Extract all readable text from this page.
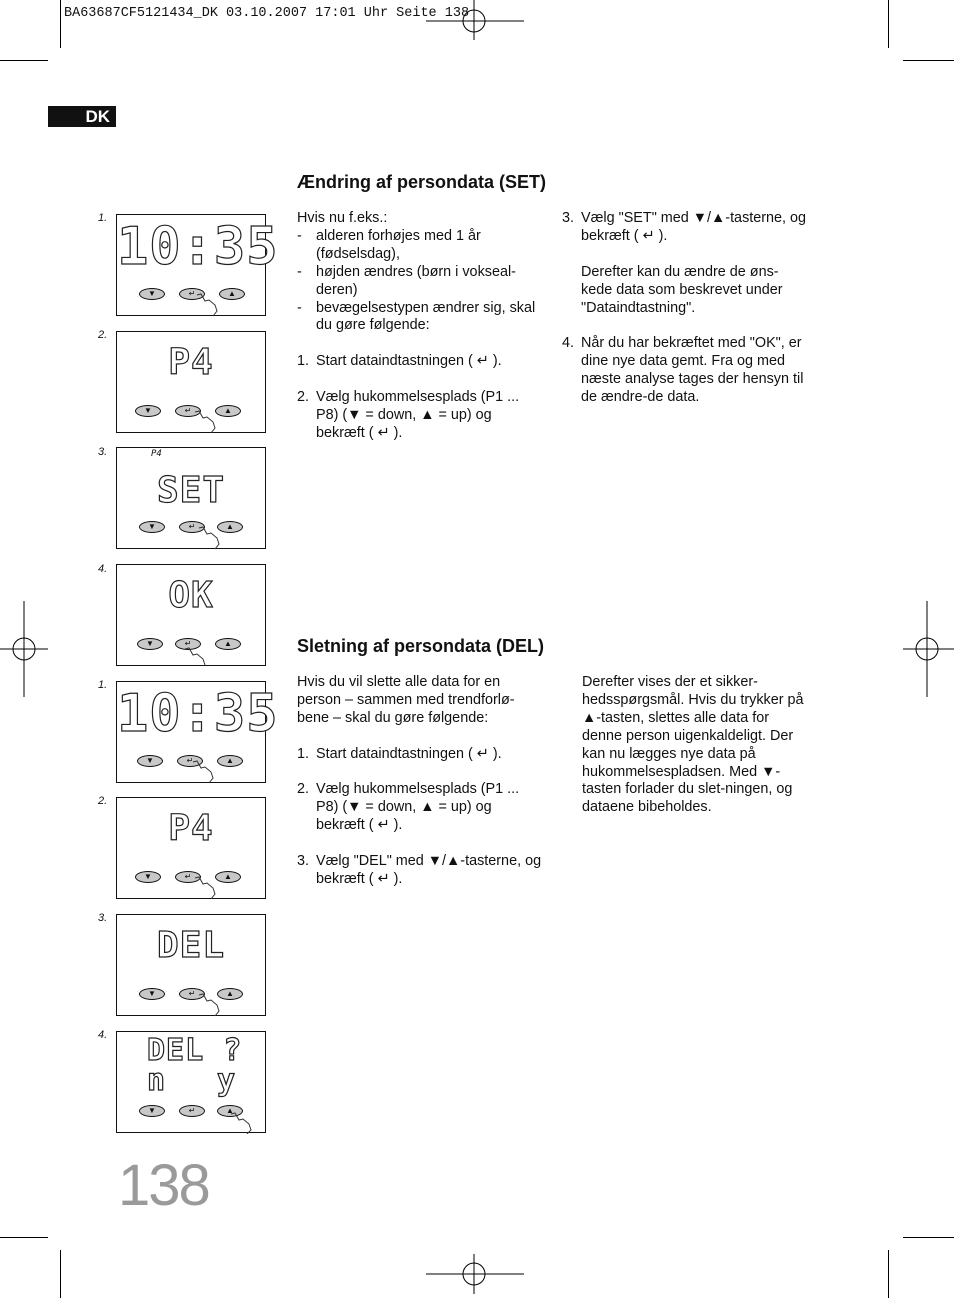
BA63687CF5121434_DK 03.10.2007 17:01 Uhr Seite 138
DK
Ændring af persondata (SET)
Hvis nu f.eks.:
- alderen forhøjes med 1 år (fødselsdag),
- højden ændres (børn i vokseal-deren)
- bevægelsestypen ændrer sig, skal du gøre følgende:
1. Start dataindtastningen ( ↵ ).
2. Vælg hukommelsesplads (P1 ... P8) (▼ = down, ▲ = up) og bekræft ( ↵ ).
3. Vælg "SET" med ▼/▲-tasterne, og bekræft ( ↵ ).
Derefter kan du ændre de øns-kede data som beskrevet under "Dataindtastning".
4. Når du har bekræftet med "OK", er dine nye data gemt. Fra og med næste analyse tages der hensyn til de ændre-de data.
Sletning af persondata (DEL)

Hvis du vil slette alle data for en person – sammen med trendforlø-bene – skal du gøre følgende:

1. Start dataindtastningen ( ↵ ).
2. Vælg hukommelsesplads (P1 ... P8) (▼ = down, ▲ = up) og bekræft ( ↵ ).
3. Vælg "DEL" med ▼/▲-tasterne, og bekræft ( ↵ ).
Derefter vises der et sikker-hedsspørgsmål. Hvis du trykker på ▲-tasten, slettes alle data for denne person uigenkaldeligt. Der kan nu lægges nye data på hukommelsespladsen. Med ▼-tasten forlader du slet-ningen, og dataene bibeholdes.
1. 10:35
▼	↵	▲
2.
P4
▼	↵	▲
3.	P4
SET
▼	↵	▲
4.
OK
▼	↵	▲
1. 10:35
▼	↵	▲
2.
P4
▼	↵	▲
3.
DEL
▼	↵	▲
4.	DEL ?
n y
▼	↵	▲
138
